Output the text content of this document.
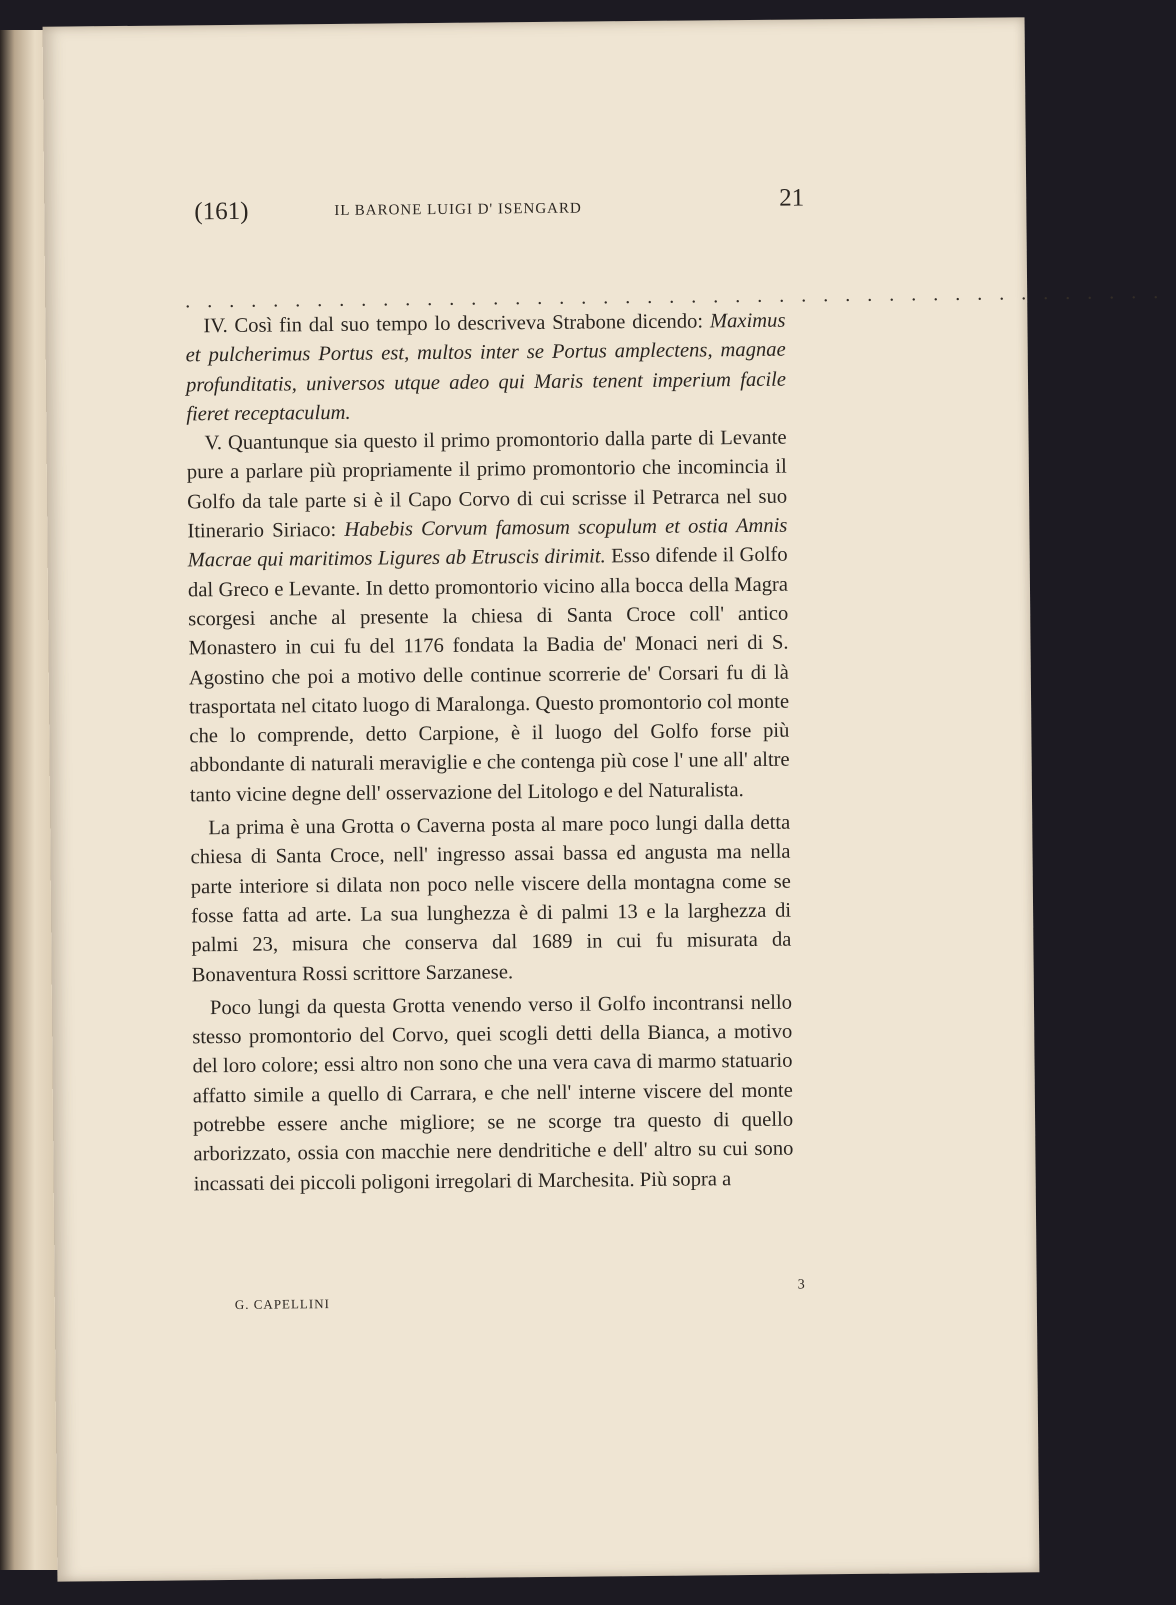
(161)	IL BARONE LUIGI D' ISENGARD	21
. . . . . . . . . . . . . . . . . . . . . . . . . . . . . . . . . . . . . . . . . . . . .

IV. Così fin dal suo tempo lo descriveva Strabone dicendo: Maximus et pulcherimus Portus est, multos inter se Portus amplectens, magnae profunditatis, universos utque adeo qui Maris tenent imperium facile fieret receptaculum.

V. Quantunque sia questo il primo promontorio dalla parte di Levante pure a parlare più propriamente il primo promontorio che incomincia il Golfo da tale parte si è il Capo Corvo di cui scrisse il Petrarca nel suo Itinerario Siriaco: Habebis Corvum famosum scopulum et ostia Amnis Macrae qui maritimos Ligures ab Etruscis dirimit. Esso difende il Golfo dal Greco e Levante. In detto promontorio vicino alla bocca della Magra scorgesi anche al presente la chiesa di Santa Croce coll' antico Monastero in cui fu del 1176 fondata la Badia de' Monaci neri di S. Agostino che poi a motivo delle continue scorrerie de' Corsari fu di là trasportata nel citato luogo di Maralonga. Questo promontorio col monte che lo comprende, detto Carpione, è il luogo del Golfo forse più abbondante di naturali meraviglie e che contenga più cose l' une all' altre tanto vicine degne dell' osservazione del Litologo e del Naturalista.

La prima è una Grotta o Caverna posta al mare poco lungi dalla detta chiesa di Santa Croce, nell' ingresso assai bassa ed angusta ma nella parte interiore si dilata non poco nelle viscere della montagna come se fosse fatta ad arte. La sua lunghezza è di palmi 13 e la larghezza di palmi 23, misura che conserva dal 1689 in cui fu misurata da Bonaventura Rossi scrittore Sarzanese.

Poco lungi da questa Grotta venendo verso il Golfo incontransi nello stesso promontorio del Corvo, quei scogli detti della Bianca, a motivo del loro colore; essi altro non sono che una vera cava di marmo statuario affatto simile a quello di Carrara, e che nell' interne viscere del monte potrebbe essere anche migliore; se ne scorge tra questo di quello arborizzato, ossia con macchie nere dendritiche e dell' altro su cui sono incassati dei piccoli poligoni irregolari di Marchesita. Più sopra a

G. CAPELLINI
3
